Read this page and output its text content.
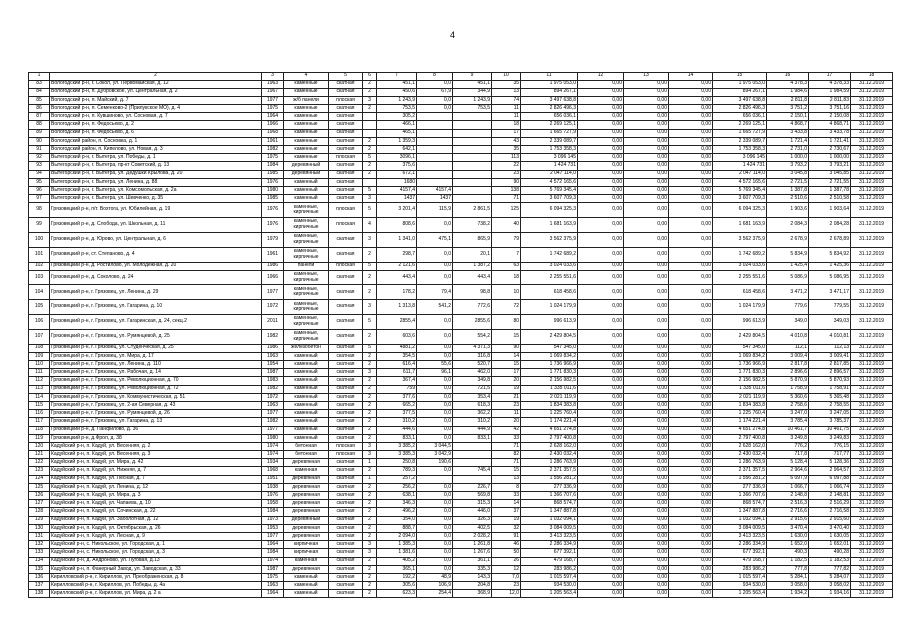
4
1	2	3	4	5	6	7	8	9	10	11	12	13	14	15	16	17	18
83	Вологодский р-н, г. Сокол, ул. Первомайская, д. 12	1963	каменные	скатная	2	451,1	0,0	451,1	35	1 975 053,0	0,00	0,00	0,00	1 975 053,0	4 378,3	4 378,33	31.12.2019
84	Вологодский р-н, п. Дубровское, ул. Центральная, д. 2	1967	каменные	скатная	2	450,6	67,9	344,9	13	894 267,1	0,00	0,00	0,00	894 267,1	1 984,6	1 984,59	31.12.2019
85	Вологодский р-н, п. Майский, д. 7	1977	ж/б панели	плоская	3	1 243,9	0,0	1 243,9	74	3 497 638,8	0,00	0,00	0,00	3 497 638,8	2 811,8	2 811,83	31.12.2019
86	Вологодский р-н, п. Семенково-2 (Прилукское МО), д. 4	1975	каменные	скатная	2	753,5	0,0	753,5	11	2 826 496,3	0,00	0,00	0,00	2 826 496,3	3 751,2	3 751,16	31.12.2019
87	Вологодский р-н, п. Кувшиново, ул. Сосновая, д. 7	1964	каменные	скатная		305,2			11	656 036,1	0,00	0,00	0,00	656 036,1	2 150,1	2 150,08	31.12.2019
88	Вологодский р-н, п. Федосьево, д. 2	1966	каменные	скатная		466,1			18	2 269 125,1	0,00	0,00	0,00	2 269 125,1	4 868,7	4 868,71	31.12.2019
89	Вологодский р-н, п. Федосьево, д. 6	1968	каменные	скатная		465,1			17	1 665 727,9	0,00	0,00	0,00	1 665 727,9	3 433,8	3 433,78	31.12.2019
90	Вологодский район, п. Сосновка, д. 1	1961	каменные	скатная	2	1 359,3			43	2 339 089,7	0,00	0,00	0,00	2 339 089,7	1 721,4	1 721,41	31.12.2019
91	Вологодский район, п. Кипелово, ул. Новая, д. 3	1982	каменные	скатная	2	642,1			35	1 753 358,3	0,00	0,00	0,00	1 753 358,3	2 731,0	2 730,67	31.12.2019
92	Вытегорский р-н, г. Вытегра, ул. Победы, д. 1	1975	каменные	плоская	5	3096,1			113	3 096 145	0,00	0,00	0,00	3 096 145	1 000,0	1 000,00	31.12.2019
93	Вытегорский р-н, г. Вытегра, пр-кт Советский, д. 13	1984	деревянный	скатная	2	375,6			22	1 424 731	0,00	0,00	0,00	1 424 731	3 793,2	3 793,21	31.12.2019
94	Вытегорский р-н, г. Вытегра, ул. Дедушки Крылова, д. 20	1985	деревянный	скатная	2	672,1			23	2 047 114,0	0,00	0,00	0,00	2 047 114,0	3 045,8	3 045,85	31.12.2019
95	Вытегорский р-н, г. Вытегра, ул. Ленина, д. 88	1976	каменный	скатная		1680			90	4 572 165,6	0,00	0,00	0,00	4 572 165,6	2 721,5	2 721,55	31.12.2019
96	Вытегорский р-н, г. Вытегра, ул. Комсомольская, д. 2а	1980	каменный	скатная	5	4157,4	4157,4		138	5 769 345,4	0,00	0,00	0,00	5 769 345,4	1 387,8	1 387,78	31.12.2019
97	Вытегорский р-н, г. Вытегра, ул. Шевченко, д. 35	1985	каменный	скатная	3	1437	1437		71	3 607 709,3	0,00	0,00	0,00	3 607 709,3	2 510,6	2 510,58	31.12.2019
98	Грязовецкий р-н, п/т. Вохтога, ул. Юбилейная, д. 19	1976	каменные, кирпичные	плоская	5	3 201,4	115,9	2 861,5	125	6 094 325,3	0,00	0,00	0,00	6 094 325,3	1 903,6	1 903,64	31.12.2019
99	Грязовецкий р-н, д. Слобода, ул. Школьная, д. 11	1976	каменные, кирпичные	плоская	4	808,6	0,0	738,2	40	1 681 163,9	0,00	0,00	0,00	1 681 163,9	2 084,3	2 084,28	31.12.2019
100	Грязовецкий р-н, д. Юрово, ул. Центральная, д. 6	1979	каменные, кирпичные	скатная	3	1 341,0	475,1	865,9	79	3 562 375,9	0,00	0,00	0,00	3 562 375,9	2 678,9	2 678,89	31.12.2019
101	Грязовецкий р-н, ст. Степаново, д. 4	1961	каменные, кирпичные	скатная	2	298,7	0,0	20,1	7	1 742 689,2	0,00	0,00	0,00	1 742 689,2	5 834,9	5 834,92	31.12.2019
102	Грязовецкий р-н, д. Ростилово, ул. Молодежная, д. 20	1986	панели	плоская	5	2 121,6	0,0	1 387,2	63	3 024 033,6	0,00	0,00	0,00	3 024 033,6	1 425,4	1 425,36	31.12.2019
103	Грязовецкий р-н, д. Соколово, д. 24	1966	каменные, кирпичные	скатная	2	443,4	0,0	443,4	18	2 255 551,6	0,00	0,00	0,00	2 255 551,6	5 086,9	5 086,95	31.12.2019
104	Грязовецкий р-н, г. Грязовец, ул. Ленина, д. 29	1977	каменные, кирпичные	скатная	2	178,2	79,4	98,8	10	618 458,6	0,00	0,00	0,00	618 458,6	3 471,2	3 471,17	31.12.2019
105	Грязовецкий р-н, г. Грязовец, ул. Гагарина, д. 10	1972	каменные, кирпичные	скатная	3	1 313,8	541,2	772,6	72	1 024 179,9	0,00	0,00	0,00	1 024 179,9	779,6	779,55	31.12.2019
106	Грязовецкий р-н, г. Грязовец, ул. Гагаринская, д. 24, секц.2	2011	каменные, кирпичные	скатная	5	2855,4	0,0	2855,6	80	996 613,9	0,00	0,00	0,00	996 613,9	349,0	349,03	31.12.2019
107	Грязовецкий р-н, г. Грязовец, ул. Румянцевой, д. 25	1982	каменные, кирпичные	скатная	2	603,6	0,0	554,2	15	2 429 804,5	0,00	0,00	0,00	2 429 804,5	4 010,8	4 010,81	31.12.2019
108	Грязовецкий р-н, г. Грязовец, ул. Студенческая, д. 25	1986	железобетон	скатная	5	4881,2	0,0	4 371,3	90	547 345,0	0,00	0,00	0,00	547 345,0	112,1	112,13	31.12.2019
109	Грязовецкий р-н, г. Грязовец, ул. Мира, д. 17	1963	каменный	скатная	2	354,5	0,0	316,8	14	1 069 834,2	0,00	0,00	0,00	1 069 834,2	3 009,4	3 009,41	31.12.2019
110	Грязовецкий р-н, г. Грязовец, ул. Ленина, д. 110	1954	каменный	скатная	2	616,4	55,6	520,7	15	1 736 966,9	0,00	0,00	0,00	1 736 966,9	2 817,8	2 817,85	31.12.2019
111	Грязовецкий р-н, г. Грязовец, ул. Рабочая, д. 14	1987	каменный	скатная	3	611,7	96,1	462,0	17	1 771 830,3	0,00	0,00	0,00	1 771 830,3	2 896,6	2 896,57	31.12.2019
112	Грязовецкий р-н, г. Грязовец, ул. Революционная, д. 70	1983	каменный	скатная	2	367,4	0,0	349,8	20	2 156 982,5	0,00	0,00	0,00	2 156 982,5	5 870,9	5 870,93	31.12.2019
113	Грязовецкий р-н, г. Грязовец, ул. Революционная, д. 72	1982	каменный	скатная	2	759	0,0	721,5	19	1 335 011,6	0,00	0,00	0,00	1 335 011,6	1 758,9	1 758,91	31.12.2019
114	Грязовецкий р-н, г. Грязовец, ул. Коммунистическая, д. 51	1972	каменный	скатная	2	377,6	0,0	353,4	21	2 021 119,9	0,00	0,00	0,00	2 021 119,9	5 360,6	5 365,48	31.12.2019
115	Грязовецкий р-н, г. Грязовец, ул. 2-ая Северная, д. 43	1963	каменный	скатная	2	665,2	0,0	618,3	23	1 834 383,8	0,00	0,00	0,00	1 834 383,8	2 758,6	2 758,55	31.12.2019
116	Грязовецкий р-н, г. Грязовец, ул. Румянцевой, д. 26	1977	каменный	скатная	2	377,5	0,0	362,2	11	1 225 760,4	0,00	0,00	0,00	1 225 760,4	3 247,0	3 247,05	31.12.2019
117	Грязовецкий р-н, г. Грязовец, ул. Гагарина, д. 13	1982	каменный	скатная	2	310,2	0,0	310,2	20	1 174 221,4	0,00	0,00	0,00	1 174 221,4	3 785,4	3 785,37	31.12.2019
118	Грязовецкий р-н, д. Панфилово, д. 36	1977	каменный	скатная	2	444,6	0,0	444,9	42	4 651 274,8	0,00	0,00	0,00	4 651 274,8	10 461,7	10 461,75	31.12.2019
119	Грязовецкий р-н, д.Фрол, д. 38	1980	каменный	скатная	2	833,1	0,0	833,1	33	2 797 400,8	0,00	0,00	0,00	2 797 400,8	3 249,8	3 249,83	31.12.2019
120	Кадуйский р-н, п. Кадуй, ул. Весенняя, д. 2	1974	бетонная	плоская	3	3 385,2	3 044,5		71	2 628 162,0	0,00	0,00	0,00	2 628 162,0	776,2	776,15	31.12.2019
121	Кадуйский р-н, п. Кадуй, ул. Весенняя, д. 3	1974	бетонная	плоская	3	3 385,3	3 042,9		82	2 430 032,4	0,00	0,00	0,00	2 430 032,4	717,8	717,77	31.12.2019
122	Кадуйский р-н, п. Кадуй, ул. Мира, д. 42	1934	деревянная	скатная	1	250,8	190,6		71	1 286 763,9	0,00	0,00	0,00	1 286 763,9	5 128,4	5 128,36	31.12.2019
123	Кадуйский р-н, п. Кадуй, ул. Нижняя, д. 7	1968	каменная	скатная	2	789,3	0,0	745,4	15	2 371 357,5	0,00	0,00	0,00	2 371 357,5	2 964,6	2 964,57	31.12.2019
124	Кадуйский р-н, п. Кадуй, ул. Лесная, д. 7	1951	деревянная	скатная	1	257,2			13	1 556 281,2	0,00	0,00	0,00	1 556 281,2	6 097,9	6 097,88	31.12.2019
125	Кадуйский р-н, п. Кадуй, ул. Ленина, д. 12	1938	деревянная	скатная	2	256,2	0,0	226,7	8	277 336,9	0,00	0,00	0,00	277 336,9	1 066,7	1 066,74	31.12.2019
126	Кадуйский р-н, п. Кадуй, ул. Мира, д. 3	1976	деревянная	скатная	2	638,1	0,0	569,8	33	1 366 707,6	0,00	0,00	0,00	1 366 707,6	2 148,8	2 148,81	31.12.2019
127	Кадуйский р-н, п. Кадуй, ул. Чапаева, д. 10	1958	деревянная	скатная	2	346,3	0,0	315,3	14	868 574,7	0,00	0,00	0,00	868 574,7	2 516,3	2 516,29	31.12.2019
128	Кадуйский р-н, п. Кадуй, ул. Сочинская, д. 22	1984	деревянная	скатная	2	496,2	0,0	446,0	37	1 347 887,8	0,00	0,00	0,00	1 347 887,8	2 716,6	2 716,58	31.12.2019
129	Кадуйский р-н, п. Кадуй, ул. Заболотная, д. 12	1973	деревянный	скатная	2	354,0	0,0	326,3	19	1 032 094,1	0,00	0,00	0,00	1 032 094,1	2 915,6	2 915,60	31.12.2019
130	Кадуйский р-н, п. Кадуй, ул. Октябрьская, д. 26	1953	деревянная	скатная	2	888,7	0,0	402,5	32	3 084 009,5	0,00	0,00	0,00	3 084 009,5	3 470,4	3 470,40	31.12.2019
131	Кадуйский р-н, п. Кадуй, ул. Лесная, д. 9	1977	деревянная	скатная	2	2 094,0	0,0	2 028,2	91	3 413 323,5	0,00	0,00	0,00	3 413 323,5	1 630,0	1 630,05	31.12.2019
132	Кадуйский р-н, с. Никольское, ул. Городская, д. 1	1964	кирпичная	скатная	3	1 385,3	0,0	1 261,8	46	2 286 334,9	0,00	0,00	0,00	2 286 334,9	1 652,0	1 652,01	31.12.2019
133	Кадуйский р-н, с. Никольское, ул. Городская, д. 3	1984	кирпичная	скатная	3	1 381,6	0,0	1 267,6	50	677 392,1	0,00	0,00	0,00	677 392,1	490,3	490,28	31.12.2019
134	Кадуйский р-н, д. Андроново, ул. Луговая, д.13	1974	каменная	скатная	2	405,2	0,0	361,1	26	479 168,7	0,00	0,00	0,00	479 168,7	1 182,5	1 182,53	31.12.2019
135	Кадуйский р-н, п. Фанерный Завод, ул. Заводская, д. 33	1987	деревянная	скатная	2	365,1	0,0	335,3	12	283 986,2	0,00	0,00	0,00	283 986,2	777,8	777,82	31.12.2019
136	Кирилловский р-н, г. Кириллов, ул. Преображенская, д. 8	1975	каменный	скатная	2	192,2	48,9	143,3	7,0	1 015 597,4	0,00	0,00	0,00	1 015 597,4	5 284,1	5 284,07	31.12.2019
137	Кирилловский р-н, г. Кириллов, ул. Победы, д. 4а	1963	каменный	скатная	2	305,6	106,9	204,8	23	934 530,0	0,00	0,00	0,00	934 530,0	3 058,0	3 058,02	31.12.2019
138	Кирилловский р-н, г. Кириллов, ул. Мира, д. 2 а	1964	каменный	скатная	2	623,3	254,4	368,9	12,0	1 205 563,4	0,00	0,00	0,00	1 205 563,4	1 934,2	1 934,16	31.12.2019
